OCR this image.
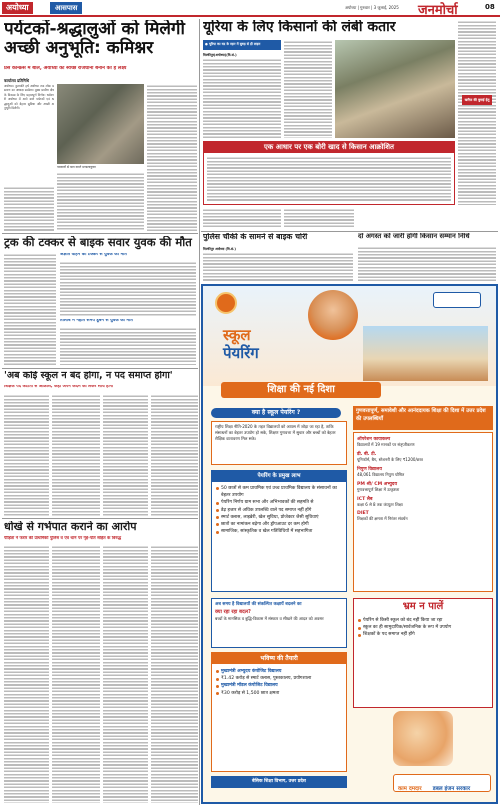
अयोध्या	आसपास	अयोध्या | गुरुवार | 3 जुलाई, 2025 जनमोर्चा	08
पर्यटकों-श्रद्धालुओं को मिलेगी अच्छी अनुभूति: कमिश्नर
प्रेस कॉन्फ्रेंस में बोले, अयोध्या को स्वच्छ राजधानी बनाने का है लक्ष्य
कार्यालय प्रतिनिधि
अयोध्या। कुलपति हर्ष अयोध्या तक लोक प्रसारण का अध्यक्ष सम्मेलन मुख्य ग्रामीण क्षेत्र के विकास के लिए महत्वपूर्ण निर्णय। धर्मनगरी अयोध्या में आने वाले पर्यटकों एवं श्रद्धालुओं को बेहतर सुविधा और अच्छी अनुभूति मिलेगी।
पत्रकारों से बात करते मण्डलायुक्त
ट्रक की टक्कर से बाइक सवार युवक की मौत
अज्ञात वाहन की टक्कर से युवक की मौत
तालाब में नहाते समय डूबने से युवक की मौत
'अब कोई स्कूल न बंद होगा, न पद समाप्त होगा'
शिक्षक पद कटौती से आक्रोश, कहा अपने कदम का लेकर सीधे होगा
धोखे से गर्भपात कराने का आरोप
पीड़िता ने फरार की प्राथमिकी पुलिस व एवं थाने पर गृहे-पति सहित के विरुद्ध
यूरिया के लिए किसानों की लंबी कतार
● यूरिया का रुद्र के रहार में सुबह से ही लाइन
मिल्कीपुर(अयोध्या)(वि.सं.)
खरीफ की बुवाई हेतु
एक आधार पर एक बोरी खाद से किसान आक्रोशित
पुलिस चौकी के सामने से बाइक चोरी
मिल्कीपुर अयोध्या (वि.सं.)
दो अगस्त को जारी होगी किसान सम्मान निधि
स्कूल
पेयरिंग
शिक्षा की नई दिशा
क्या है स्कूल पेयरिंग ?
राष्ट्रीय शिक्षा नीति-2020 के तहत विद्यालयों को आपस में जोड़ा जा रहा है, ताकि संसाधनों का बेहतर उपयोग हो सके, शिक्षण गुणवत्ता में सुधार और बच्चों को बेहतर शैक्षिक वातावरण मिल सके।
पेयरिंग के प्रमुख लाभ
50 छात्रों से कम प्राथमिक एवं उच्च प्राथमिक विद्यालय के संसाधनों का बेहतर उपयोग
पेयरिंग निर्णय ग्राम सभा और अभिभावकों की सहमति से
डेढ़ हजार से अधिक उपलब्धि वाले पद समाप्त नहीं होंगे
स्मार्ट क्लास, लाइब्रेरी, खेल सुविधा, प्रोजेक्टर जैसी सुविधाएं
छात्रों का नामांकन बढ़ेगा और ड्रॉपआउट दर कम होगी
सामाजिक, सांस्कृतिक व खेल गतिविधियों में सहभागिता
गुणवत्तापूर्ण, समावेशी और आनंददायक शिक्षा की दिशा में उत्तर प्रदेश की उपलब्धियाँ
ऑपरेशन कायाकल्प
विद्यालयों में 19 मानकों पर संतृप्तीकरण
डी. बी. टी.
यूनिफॉर्म, बैग, स्टेशनरी के लिए ₹1200/छात्र
निपुण विद्यालय
48,061 विद्यालय निपुण घोषित
PM श्री/ CM अभ्युदय
गुणवत्तापूर्ण शिक्षा में उत्कृष्टता
ICT लैब
कक्षा 6 से 8 तक कंप्यूटर शिक्षा
DIET
शिक्षकों की क्षमता में निरंतर संवर्धन
अब समय है विद्यालयों की संकल्पित कक्षायें बदलने का
क्या रहा रहा बदल?
बच्चों के मानसिक व बुद्धि-विकास में संस्कार व सीखने की आदत को अवसर
भविष्य की तैयारी
मुख्यमंत्री अभ्युदय कंपोजिट विद्यालय
₹1.42 करोड़ से स्मार्ट क्लास, पुस्तकालय, प्रयोगशाला
मुख्यमंत्री मॉडल कंपोजिट विद्यालय
₹30 करोड़ से 1,500 छात्र क्षमता
भ्रम न पालें
पेयरिंग से किसी स्कूल को बंद नहीं किया जा रहा
स्कूल का ही सामुदायिक/सार्वजनिक के रूप में उपयोग
शिक्षकों के पद समाप्त नहीं होंगे
बेसिक शिक्षा विभाग, उत्तर प्रदेश
काम दमदार डबल इंजन सरकार
